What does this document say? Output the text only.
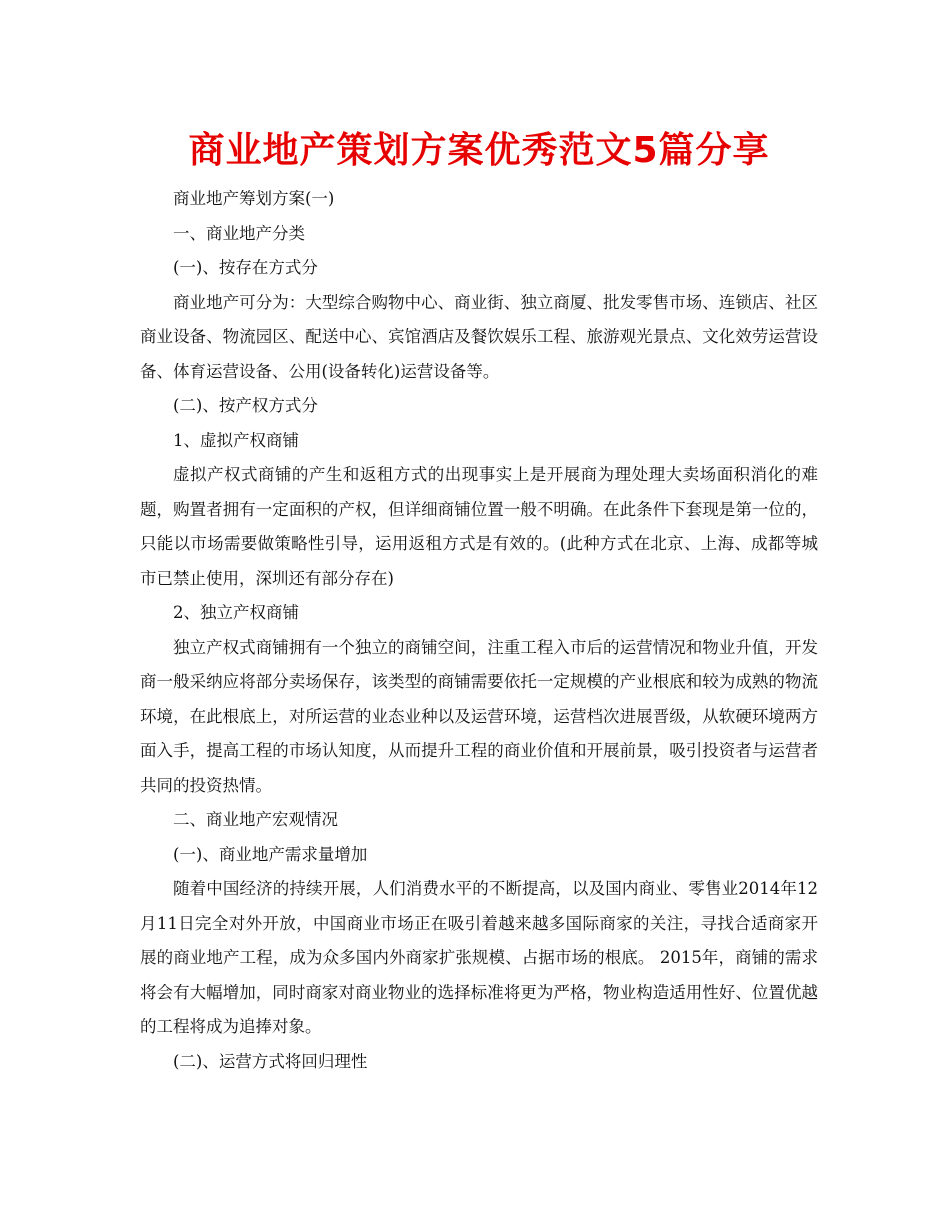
商业地产策划方案优秀范文5篇分享

商业地产筹划方案(一)

一、商业地产分类

(一)、按存在方式分

商业地产可分为：大型综合购物中心、商业街、独立商厦、批发零售市场、连锁店、社区商业设备、物流园区、配送中心、宾馆酒店及餐饮娱乐工程、旅游观光景点、文化效劳运营设备、体育运营设备、公用(设备转化)运营设备等。

(二)、按产权方式分

1、虚拟产权商铺

虚拟产权式商铺的产生和返租方式的出现事实上是开展商为理处理大卖场面积消化的难题，购置者拥有一定面积的产权，但详细商铺位置一般不明确。在此条件下套现是第一位的，只能以市场需要做策略性引导，运用返租方式是有效的。(此种方式在北京、上海、成都等城市已禁止使用，深圳还有部分存在)

2、独立产权商铺

独立产权式商铺拥有一个独立的商铺空间，注重工程入市后的运营情况和物业升值，开发商一般采纳应将部分卖场保存，该类型的商铺需要依托一定规模的产业根底和较为成熟的物流环境，在此根底上，对所运营的业态业种以及运营环境，运营档次进展晋级，从软硬环境两方面入手，提高工程的市场认知度，从而提升工程的商业价值和开展前景，吸引投资者与运营者共同的投资热情。

二、商业地产宏观情况

(一)、商业地产需求量增加

随着中国经济的持续开展，人们消费水平的不断提高，以及国内商业、零售业2014年12月11日完全对外开放，中国商业市场正在吸引着越来越多国际商家的关注，寻找合适商家开展的商业地产工程，成为众多国内外商家扩张规模、占据市场的根底。 2015年，商铺的需求将会有大幅增加，同时商家对商业物业的选择标准将更为严格，物业构造适用性好、位置优越的工程将成为追捧对象。

(二)、运营方式将回归理性
